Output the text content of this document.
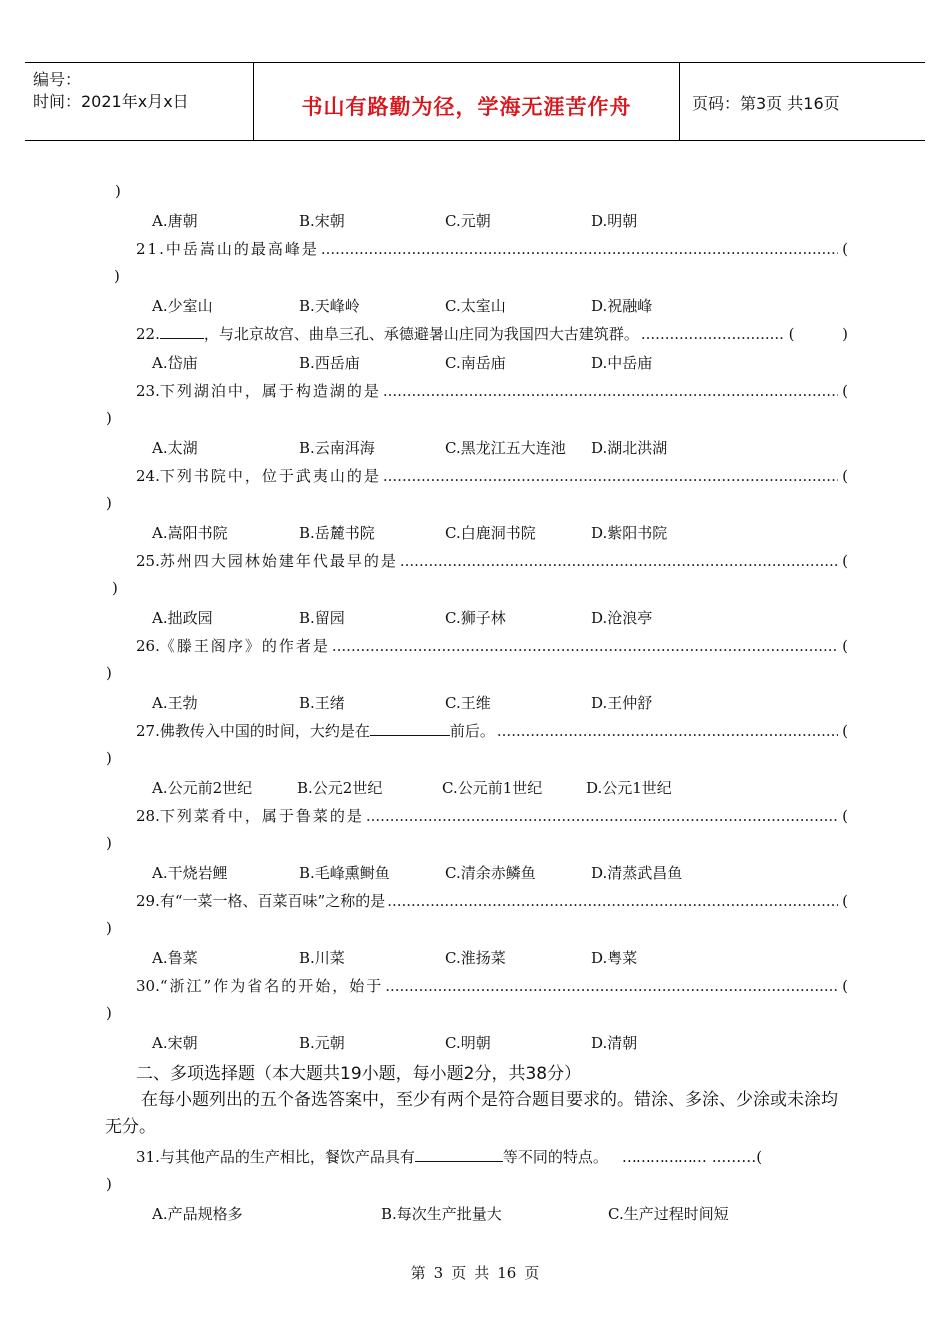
编号：
时间：2021年x月x日	书山有路勤为径，学海无涯苦作舟	页码：第3页 共16页
)
A.唐朝	B.宋朝	C.元朝	D.明朝
21. 中岳嵩山的最高峰是 .....	(
)
A.少室山	B.天峰岭	C.太室山	D.祝融峰
22.	，与北京故宫、曲阜三孔、承德避暑山庄同为我国四大古建筑群。 .....	(          )
A.岱庙	B.西岳庙	C.南岳庙	D.中岳庙
23. 下列湖泊中，属于构造湖的是 .....	(
)
A.太湖	B.云南洱海	C.黑龙江五大连池 D.湖北洪湖
24. 下列书院中，位于武夷山的是 .....	(
)
A.嵩阳书院	B.岳麓书院	C.白鹿洞书院	D.紫阳书院
25. 苏州四大园林始建年代最早的是 .....	(
)
A.拙政园	B.留园	C.狮子林	D.沧浪亭
26. 《滕王阁序》的作者是 .....	(
)
A.王勃	B.王绪	C.王维	D.王仲舒
27. 佛教传入中国的时间，大约是在	前后。 .....	(
)
A.公元前2世纪	B.公元2世纪	C.公元前1世纪	D.公元1世纪
28. 下列菜肴中，属于鲁菜的是 .....	(
)
A.干烧岩鲤	B.毛峰熏鲥鱼	C.清余赤鳞鱼	D.清蒸武昌鱼
29. 有“一菜一格、百菜百味”之称的是 .....	(
)
A.鲁菜	B.川菜	C.淮扬菜	D.粤菜
30. “浙江”作为省名的开始，始于 .....	(
)
A.宋朝	B.元朝	C.明朝	D.清朝
二、多项选择题（本大题共19小题，每小题2分，共38分）
在每小题列出的五个备选答案中，至少有两个是符合题目要求的。错涂、多涂、少涂或未涂均无分。
31. 与其他产品的生产相比，餐饮产品具有	等不同的特点。 ……………… ...……(
)
A.产品规格多	B.每次生产批量大	C.生产过程时间短
第 3 页 共 16 页
